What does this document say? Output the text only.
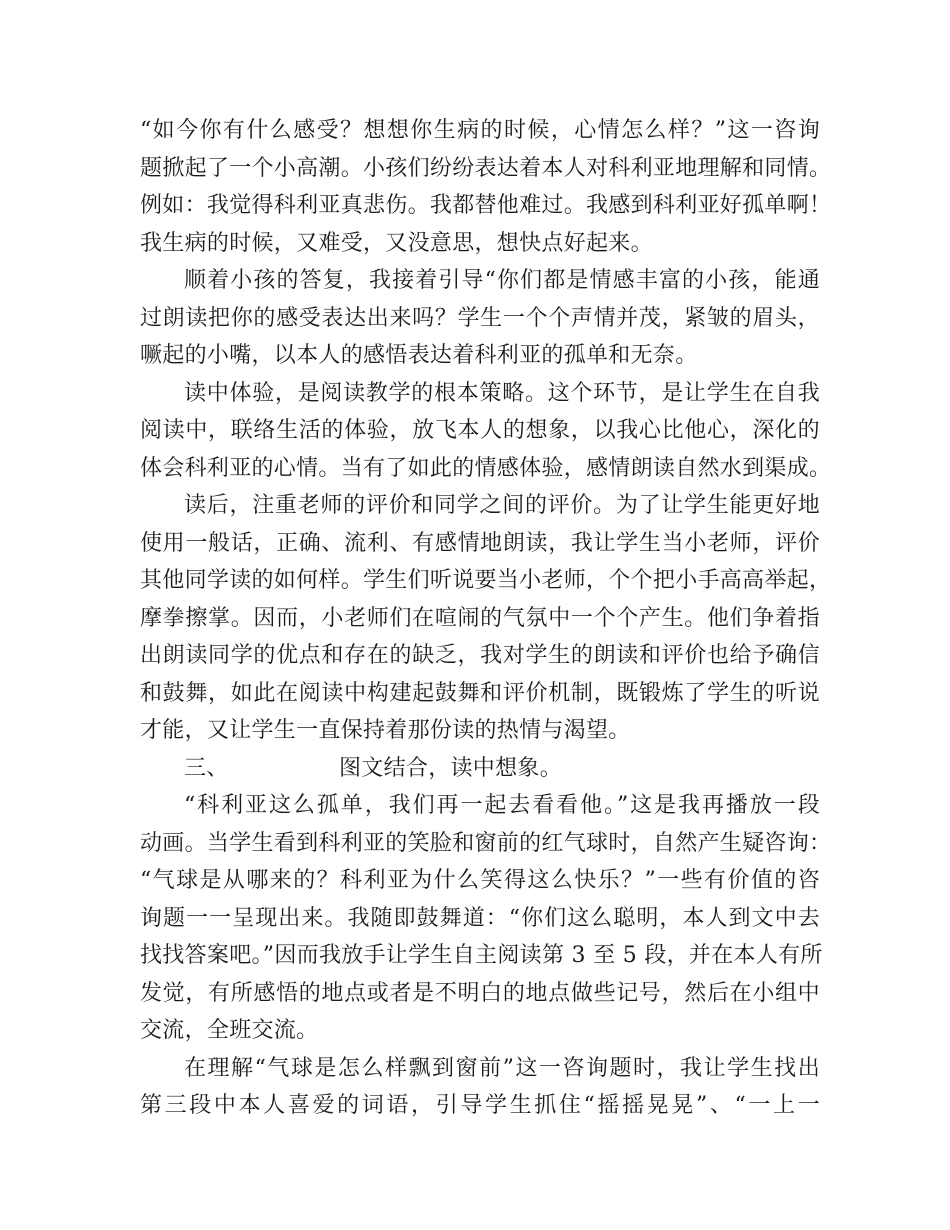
“如今你有什么感受？想想你生病的时候，心情怎么样？”这一咨询
题掀起了一个小高潮。小孩们纷纷表达着本人对科利亚地理解和同情。
例如：我觉得科利亚真悲伤。我都替他难过。我感到科利亚好孤单啊！
我生病的时候，又难受，又没意思，想快点好起来。
顺着小孩的答复，我接着引导“你们都是情感丰富的小孩，能通
过朗读把你的感受表达出来吗？学生一个个声情并茂，紧皱的眉头，
噘起的小嘴，以本人的感悟表达着科利亚的孤单和无奈。
读中体验，是阅读教学的根本策略。这个环节，是让学生在自我
阅读中，联络生活的体验，放飞本人的想象，以我心比他心，深化的
体会科利亚的心情。当有了如此的情感体验，感情朗读自然水到渠成。
读后，注重老师的评价和同学之间的评价。为了让学生能更好地
使用一般话，正确、流利、有感情地朗读，我让学生当小老师，评价
其他同学读的如何样。学生们听说要当小老师，个个把小手高高举起，
摩拳擦掌。因而，小老师们在喧闹的气氛中一个个产生。他们争着指
出朗读同学的优点和存在的缺乏，我对学生的朗读和评价也给予确信
和鼓舞，如此在阅读中构建起鼓舞和评价机制，既锻炼了学生的听说
才能，又让学生一直保持着那份读的热情与渴望。
三、	图文结合，读中想象。
“科利亚这么孤单，我们再一起去看看他。”这是我再播放一段
动画。当学生看到科利亚的笑脸和窗前的红气球时，自然产生疑咨询：
“气球是从哪来的？科利亚为什么笑得这么快乐？”一些有价值的咨
询题一一呈现出来。我随即鼓舞道：“你们这么聪明，本人到文中去
找找答案吧。”因而我放手让学生自主阅读第 3 至 5 段，并在本人有所
发觉，有所感悟的地点或者是不明白的地点做些记号，然后在小组中
交流，全班交流。
在理解“气球是怎么样飘到窗前”这一咨询题时，我让学生找出
第三段中本人喜爱的词语，引导学生抓住“摇摇晃晃”、“一上一
